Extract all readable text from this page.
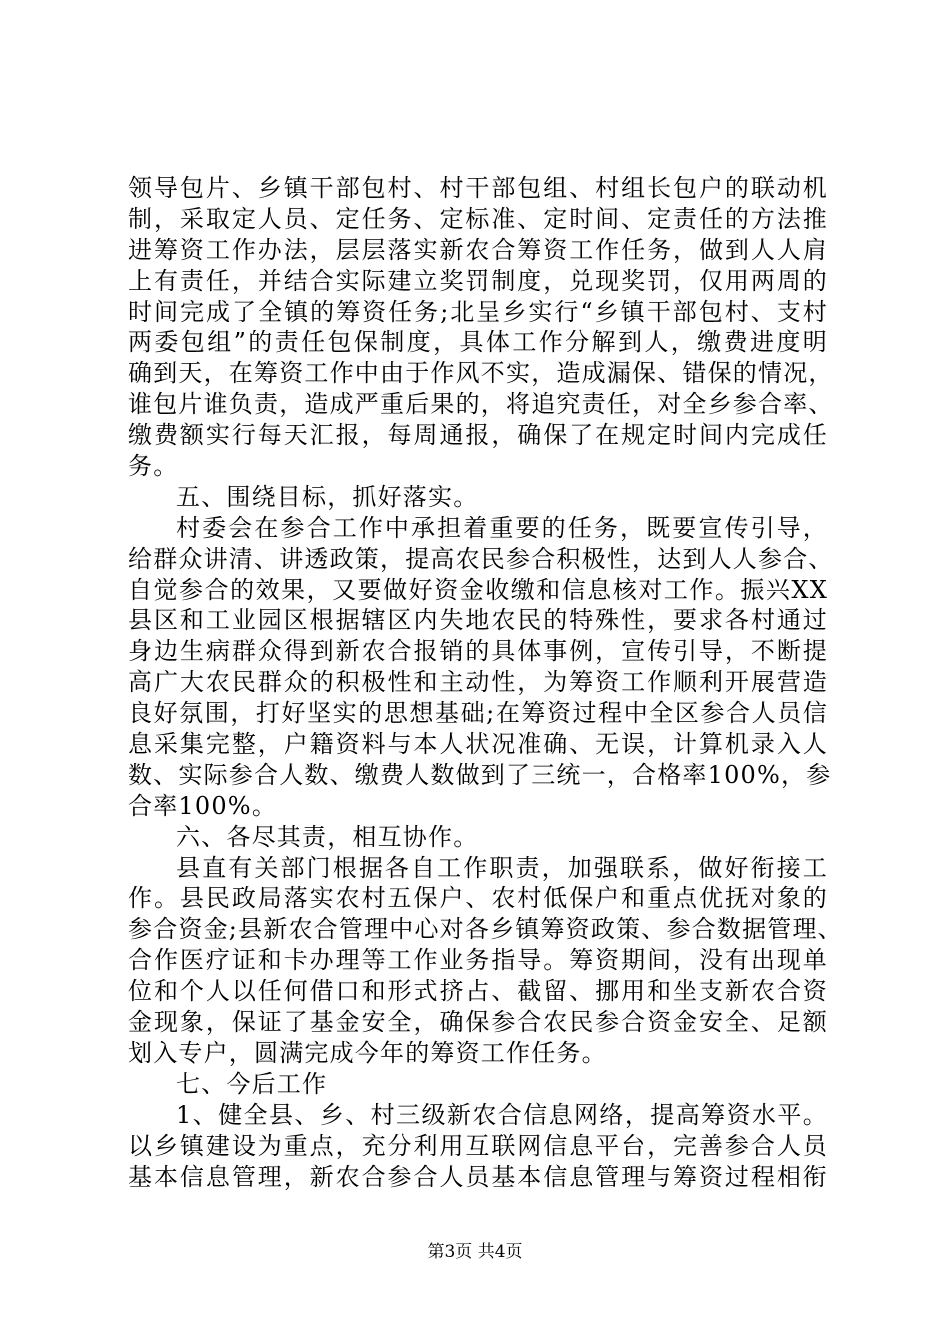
领导包片、乡镇干部包村、村干部包组、村组长包户的联动机
制，采取定人员、定任务、定标准、定时间、定责任的方法推
进筹资工作办法，层层落实新农合筹资工作任务，做到人人肩
上有责任，并结合实际建立奖罚制度，兑现奖罚，仅用两周的
时间完成了全镇的筹资任务;北呈乡实行“乡镇干部包村、支村
两委包组”的责任包保制度，具体工作分解到人，缴费进度明
确到天，在筹资工作中由于作风不实，造成漏保、错保的情况，
谁包片谁负责，造成严重后果的，将追究责任，对全乡参合率、
缴费额实行每天汇报，每周通报，确保了在规定时间内完成任
务。
五、围绕目标，抓好落实。
村委会在参合工作中承担着重要的任务，既要宣传引导，
给群众讲清、讲透政策，提高农民参合积极性，达到人人参合、
自觉参合的效果，又要做好资金收缴和信息核对工作。振兴XX
县区和工业园区根据辖区内失地农民的特殊性，要求各村通过
身边生病群众得到新农合报销的具体事例，宣传引导，不断提
高广大农民群众的积极性和主动性，为筹资工作顺利开展营造
良好氛围，打好坚实的思想基础;在筹资过程中全区参合人员信
息采集完整，户籍资料与本人状况准确、无误，计算机录入人
数、实际参合人数、缴费人数做到了三统一，合格率100%，参
合率100%。
六、各尽其责，相互协作。
县直有关部门根据各自工作职责，加强联系，做好衔接工
作。县民政局落实农村五保户、农村低保户和重点优抚对象的
参合资金;县新农合管理中心对各乡镇筹资政策、参合数据管理、
合作医疗证和卡办理等工作业务指导。筹资期间，没有出现单
位和个人以任何借口和形式挤占、截留、挪用和坐支新农合资
金现象，保证了基金安全，确保参合农民参合资金安全、足额
划入专户，圆满完成今年的筹资工作任务。
七、今后工作
1、健全县、乡、村三级新农合信息网络，提高筹资水平。
以乡镇建设为重点，充分利用互联网信息平台，完善参合人员
基本信息管理，新农合参合人员基本信息管理与筹资过程相衔
第3页 共4页
